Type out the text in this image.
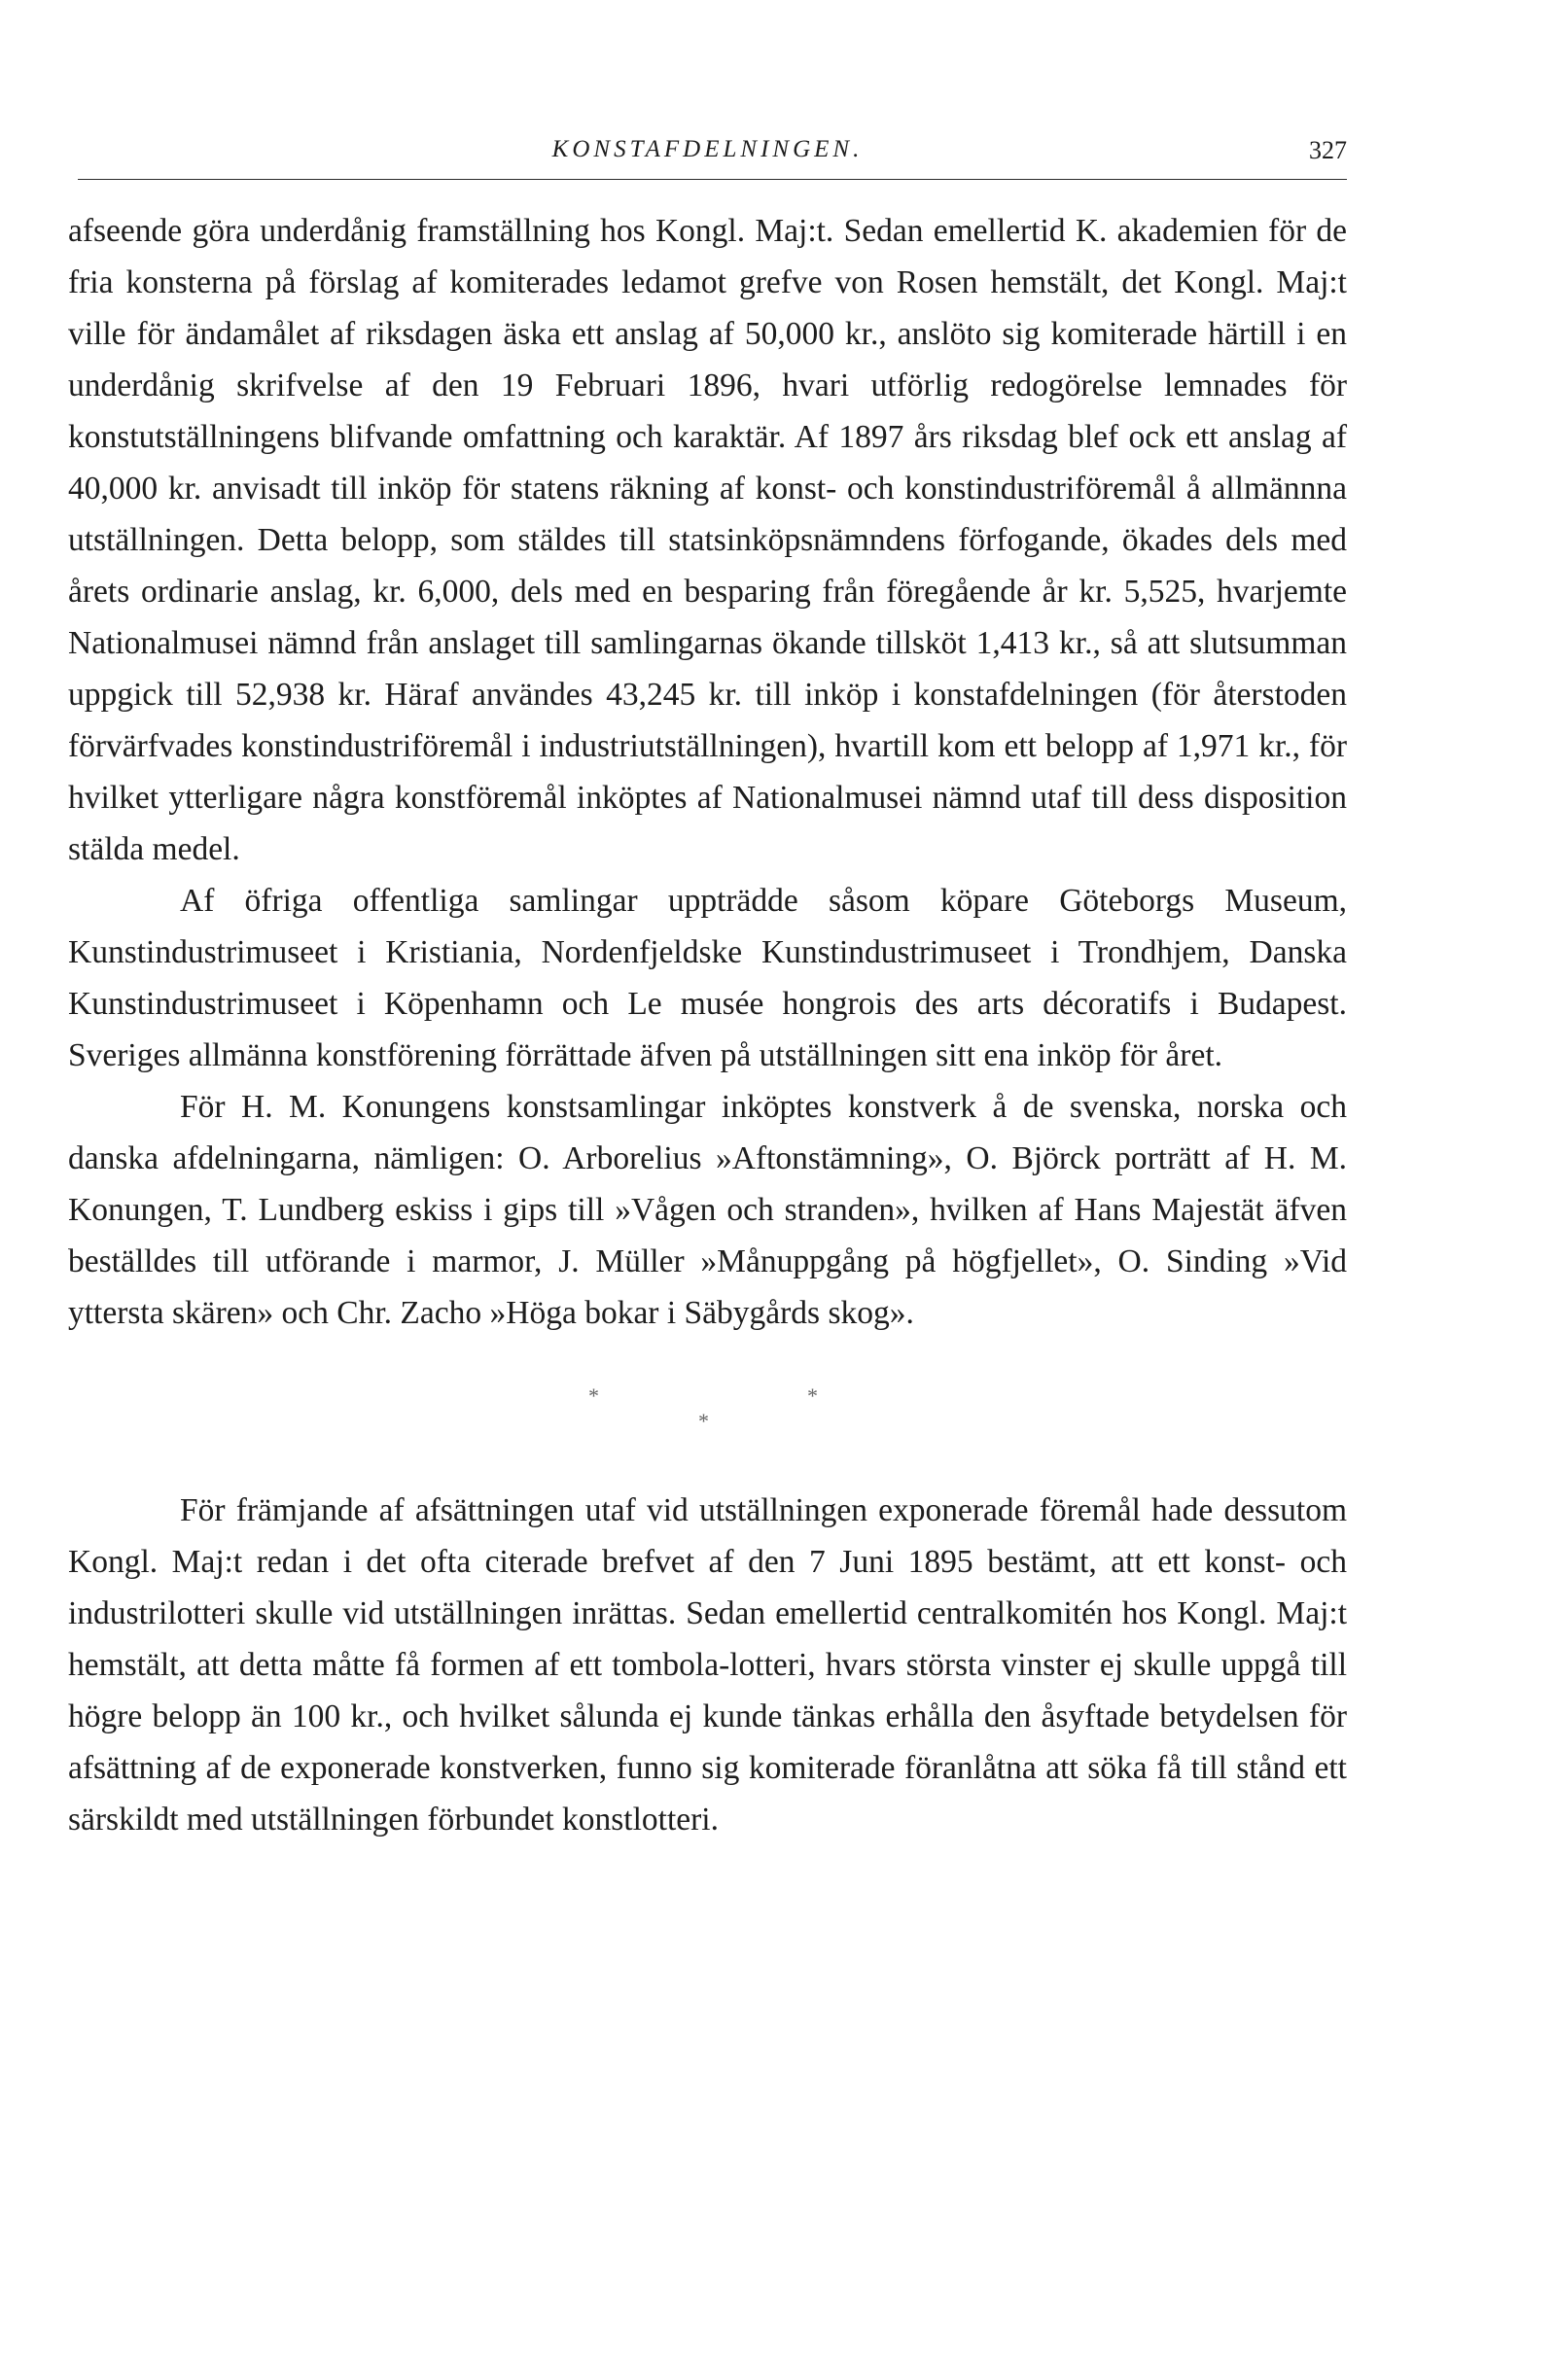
KONSTAFDELNINGEN.	327

afseende göra underdånig framställning hos Kongl. Maj:t. Sedan emellertid K. akademien för de fria konsterna på förslag af komiterades ledamot grefve von Rosen hemstält, det Kongl. Maj:t ville för ändamålet af riksdagen äska ett anslag af 50,000 kr., anslöto sig komiterade härtill i en underdånig skrifvelse af den 19 Februari 1896, hvari utförlig redogörelse lemnades för konstutställningens blifvande omfattning och karaktär. Af 1897 års riksdag blef ock ett anslag af 40,000 kr. anvisadt till inköp för statens räkning af konst- och konstindustriföremål å allmännna utställningen. Detta belopp, som stäldes till statsinköpsnämndens förfogande, ökades dels med årets ordinarie anslag, kr. 6,000, dels med en besparing från föregående år kr. 5,525, hvarjemte Nationalmusei nämnd från anslaget till samlingarnas ökande tillsköt 1,413 kr., så att slutsumman uppgick till 52,938 kr. Häraf användes 43,245 kr. till inköp i konstafdelningen (för återstoden förvärfvades konstindustriföremål i industriutställningen), hvartill kom ett belopp af 1,971 kr., för hvilket ytterligare några konstföremål inköptes af Nationalmusei nämnd utaf till dess disposition stälda medel.

Af öfriga offentliga samlingar uppträdde såsom köpare Göteborgs Museum, Kunstindustrimuseet i Kristiania, Nordenfjeldske Kunstindustrimuseet i Trondhjem, Danska Kunstindustrimuseet i Köpenhamn och Le musée hongrois des arts décoratifs i Budapest. Sveriges allmänna konstförening förrättade äfven på utställningen sitt ena inköp för året.

För H. M. Konungens konstsamlingar inköptes konstverk å de svenska, norska och danska afdelningarna, nämligen: O. Arborelius »Aftonstämning», O. Björck porträtt af H. M. Konungen, T. Lundberg eskiss i gips till »Vågen och stranden», hvilken af Hans Majestät äfven beställdes till utförande i marmor, J. Müller »Månuppgång på högfjellet», O. Sinding »Vid yttersta skären» och Chr. Zacho »Höga bokar i Säbygårds skog».

*	*
*

För främjande af afsättningen utaf vid utställningen exponerade föremål hade dessutom Kongl. Maj:t redan i det ofta citerade brefvet af den 7 Juni 1895 bestämt, att ett konst- och industrilotteri skulle vid utställningen inrättas. Sedan emellertid centralkomitén hos Kongl. Maj:t hemstält, att detta måtte få formen af ett tombola-lotteri, hvars största vinster ej skulle uppgå till högre belopp än 100 kr., och hvilket sålunda ej kunde tänkas erhålla den åsyftade betydelsen för afsättning af de exponerade konstverken, funno sig komiterade föranlåtna att söka få till stånd ett särskildt med utställningen förbundet konstlotteri.
